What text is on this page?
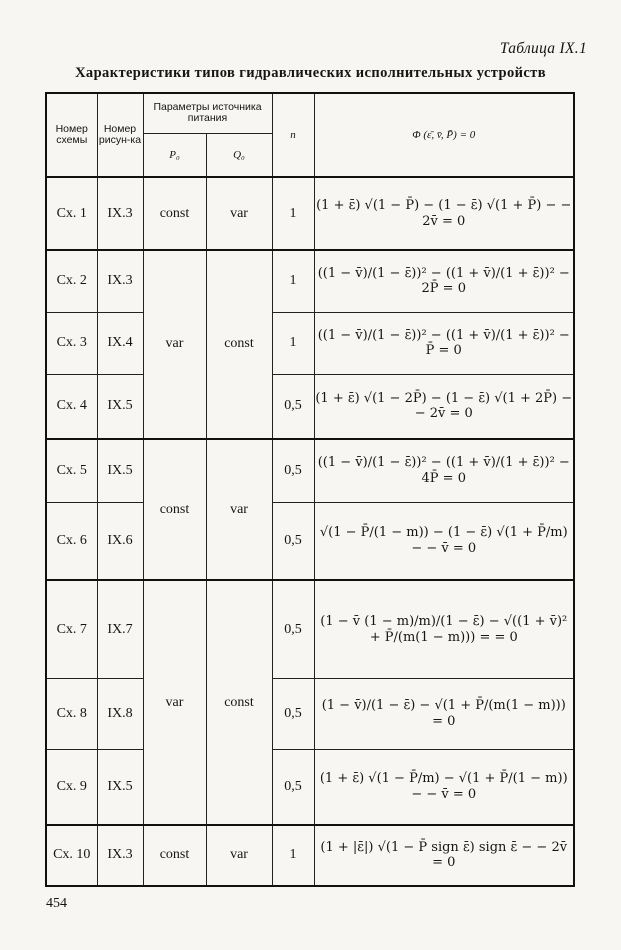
Таблица IX.1
Характеристики типов гидравлических исполнительных устройств
Номер схемы	Номер рисун-ка	Параметры источника питания		n	Φ (ε̄, v̄, P̄) = 0
		P₀	Q₀		
Сх. 1	IX.3	const	var	1	(1 + ε̄) √(1 − P̄) − (1 − ε̄) √(1 + P̄) − − 2v̄ = 0
Сх. 2	IX.3	var	const	1	((1 − v̄)/(1 − ε̄))² − ((1 + v̄)/(1 + ε̄))² − 2P̄ = 0
Сх. 3	IX.4			1	((1 − v̄)/(1 − ε̄))² − ((1 + v̄)/(1 + ε̄))² − P̄ = 0
Сх. 4	IX.5			0,5	(1 + ε̄) √(1 − 2P̄) − (1 − ε̄) √(1 + 2P̄) − − 2v̄ = 0
Сх. 5	IX.5	const	var	0,5	((1 − v̄)/(1 − ε̄))² − ((1 + v̄)/(1 + ε̄))² − 4P̄ = 0
Сх. 6	IX.6			0,5	√(1 − P̄/(1 − m)) − (1 − ε̄) √(1 + P̄/m) − − v̄ = 0
Сх. 7	IX.7	var	const	0,5	(1 − v̄ (1 − m)/m)/(1 − ε̄) − √((1 + v̄)² + P̄/(m(1 − m))) = = 0
Сх. 8	IX.8			0,5	(1 − v̄)/(1 − ε̄) − √(1 + P̄/(m(1 − m))) = 0
Сх. 9	IX.5			0,5	(1 + ε̄) √(1 − P̄/m) − √(1 + P̄/(1 − m)) − − v̄ = 0
Сх. 10	IX.3	const	var	1	(1 + |ε̄|) √(1 − P̄ sign ε̄) sign ε̄ − − 2v̄ = 0
454
